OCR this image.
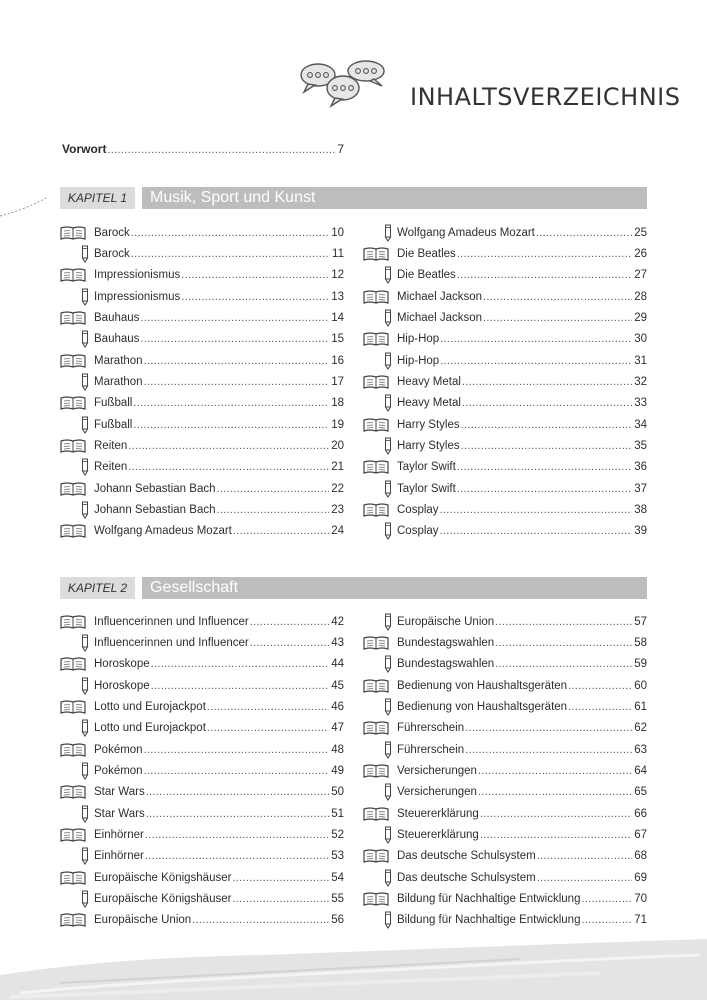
INHALTSVERZEICHNIS
Vorwort .....	7
KAPITEL 1	Musik, Sport und Kunst
Barock .....	10
Barock .....	11
Impressionismus .....	12
Impressionismus .....	13
Bauhaus .....	14
Bauhaus .....	15
Marathon .....	16
Marathon .....	17
Fußball .....	18
Fußball .....	19
Reiten .....	20
Reiten .....	21
Johann Sebastian Bach .....	22
Johann Sebastian Bach .....	23
Wolfgang Amadeus Mozart .....	24
Wolfgang Amadeus Mozart .....	25
Die Beatles .....	26
Die Beatles .....	27
Michael Jackson .....	28
Michael Jackson .....	29
Hip-Hop .....	30
Hip-Hop .....	31
Heavy Metal .....	32
Heavy Metal .....	33
Harry Styles .....	34
Harry Styles .....	35
Taylor Swift .....	36
Taylor Swift .....	37
Cosplay .....	38
Cosplay .....	39
KAPITEL 2	Gesellschaft
Influencerinnen und Influencer .....	42
Influencerinnen und Influencer .....	43
Horoskope .....	44
Horoskope .....	45
Lotto und Eurojackpot .....	46
Lotto und Eurojackpot .....	47
Pokémon .....	48
Pokémon .....	49
Star Wars .....	50
Star Wars .....	51
Einhörner .....	52
Einhörner .....	53
Europäische Königshäuser .....	54
Europäische Königshäuser .....	55
Europäische Union .....	56
Europäische Union .....	57
Bundestagswahlen .....	58
Bundestagswahlen .....	59
Bedienung von Haushaltsgeräten .....	60
Bedienung von Haushaltsgeräten .....	61
Führerschein .....	62
Führerschein .....	63
Versicherungen .....	64
Versicherungen .....	65
Steuererklärung .....	66
Steuererklärung .....	67
Das deutsche Schulsystem .....	68
Das deutsche Schulsystem .....	69
Bildung für Nachhaltige Entwicklung .....	70
Bildung für Nachhaltige Entwicklung .....	71
